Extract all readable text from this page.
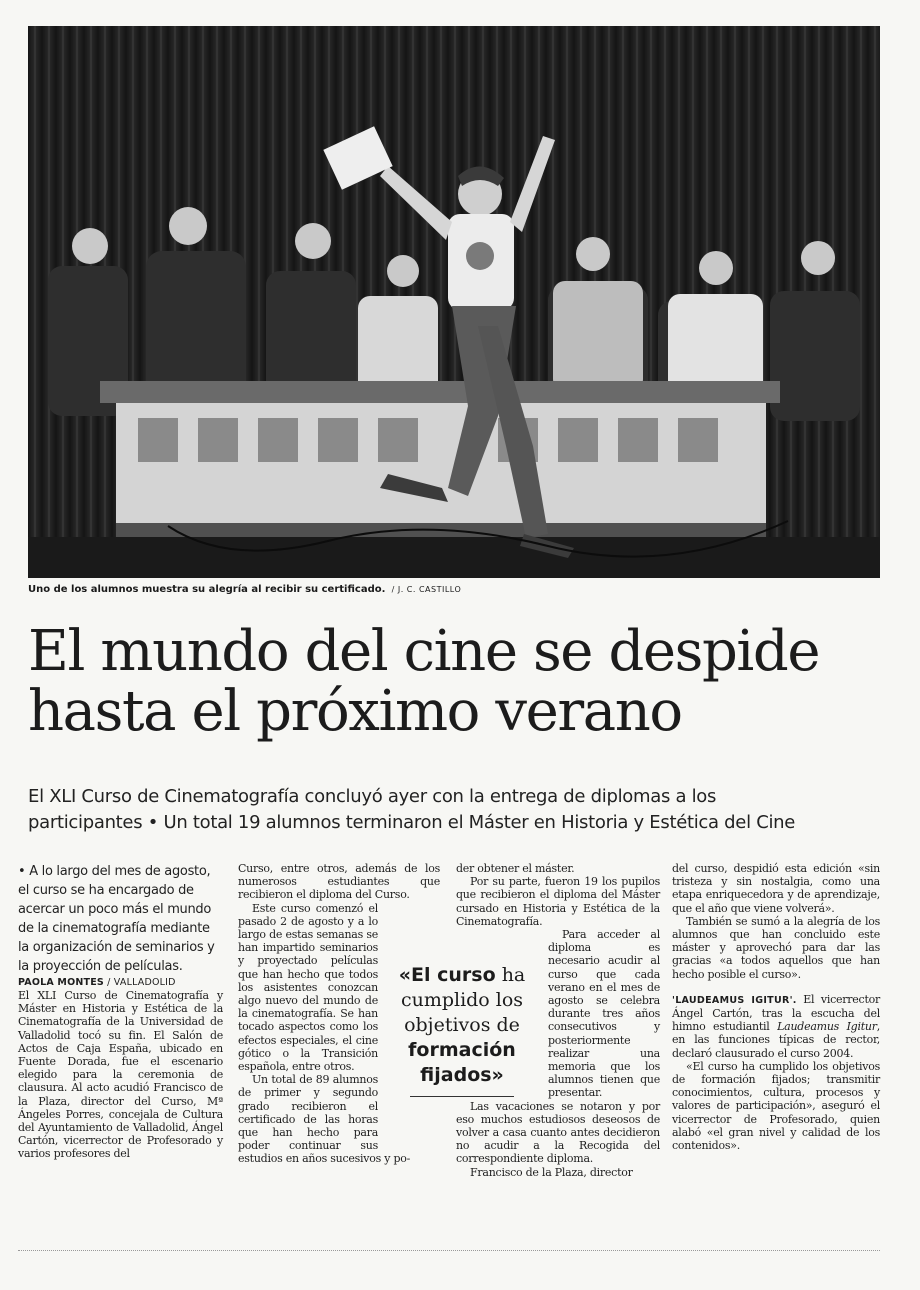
Uno de los alumnos muestra su alegría al recibir su certificado. / J. C. CASTILLO
El mundo del cine se despide
hasta el próximo verano
El XLI Curso de Cinematografía concluyó ayer con la entrega de diplomas a los
participantes • Un total 19 alumnos terminaron el Máster en Historia y Estética del Cine

• A lo largo del mes de agosto, el curso se ha encargado de acercar un poco más el mundo de la cinematografía mediante la organización de seminarios y la proyección de películas.

PAOLA MONTES / VALLADOLID

El XLI Curso de Cinematografía y Máster en Historia y Estética de la Cinematografía de la Universidad de Valladolid tocó su fin. El Salón de Actos de Caja España, ubicado en Fuente Dorada, fue el escenario elegido para la ceremonia de clausura. Al acto acudió Francisco de la Plaza, director del Curso, Mª Ángeles Porres, concejala de Cultura del Ayuntamiento de Valladolid, Ángel Cartón, vicerrector de Profesorado y varios profesores del

Curso, entre otros, además de los numerosos estudiantes que recibieron el diploma del Curso.

Este curso comenzó el pasado 2 de agosto y a lo largo de estas semanas se han impartido seminarios y proyectado películas que han hecho que todos los asistentes conozcan algo nuevo del mundo de la cinematografía. Se han tocado aspectos como los efectos especiales, el cine gótico o la Transición española, entre otros.

Un total de 89 alumnos de primer y segundo grado recibieron el certificado de las horas que han hecho para poder continuar sus estudios en años sucesivos y po-

der obtener el máster.

Por su parte, fueron 19 los pupilos que recibieron el diploma del Máster cursado en Historia y Estética de la Cinematografía.

Para acceder al diploma es necesario acudir al curso que cada verano en el mes de agosto se celebra durante tres años consecutivos y posteriormente realizar una memoria que los alumnos tienen que presentar.

Las vacaciones se notaron y por eso muchos estudiosos deseosos de volver a casa cuanto antes decidieron no acudir a la Recogida del correspondiente diploma.

Francisco de la Plaza, director

del curso, despidió esta edición «sin tristeza y sin nostalgia, como una etapa enriquecedora y de aprendizaje, que el año que viene volverá».

También se sumó a la alegría de los alumnos que han concluido este máster y aprovechó para dar las gracias «a todos aquellos que han hecho posible el curso».

'LAUDEAMUS IGITUR'. El vicerrector Ángel Cartón, tras la escucha del himno estudiantil Laudeamus Igitur, en las funciones típicas de rector, declaró clausurado el curso 2004.

«El curso ha cumplido los objetivos de formación fijados; transmitir conocimientos, cultura, procesos y valores de participación», aseguró el vicerrector de Profesorado, quien alabó «el gran nivel y calidad de los contenidos».

«El curso ha cumplido los objetivos de
formación fijados»
